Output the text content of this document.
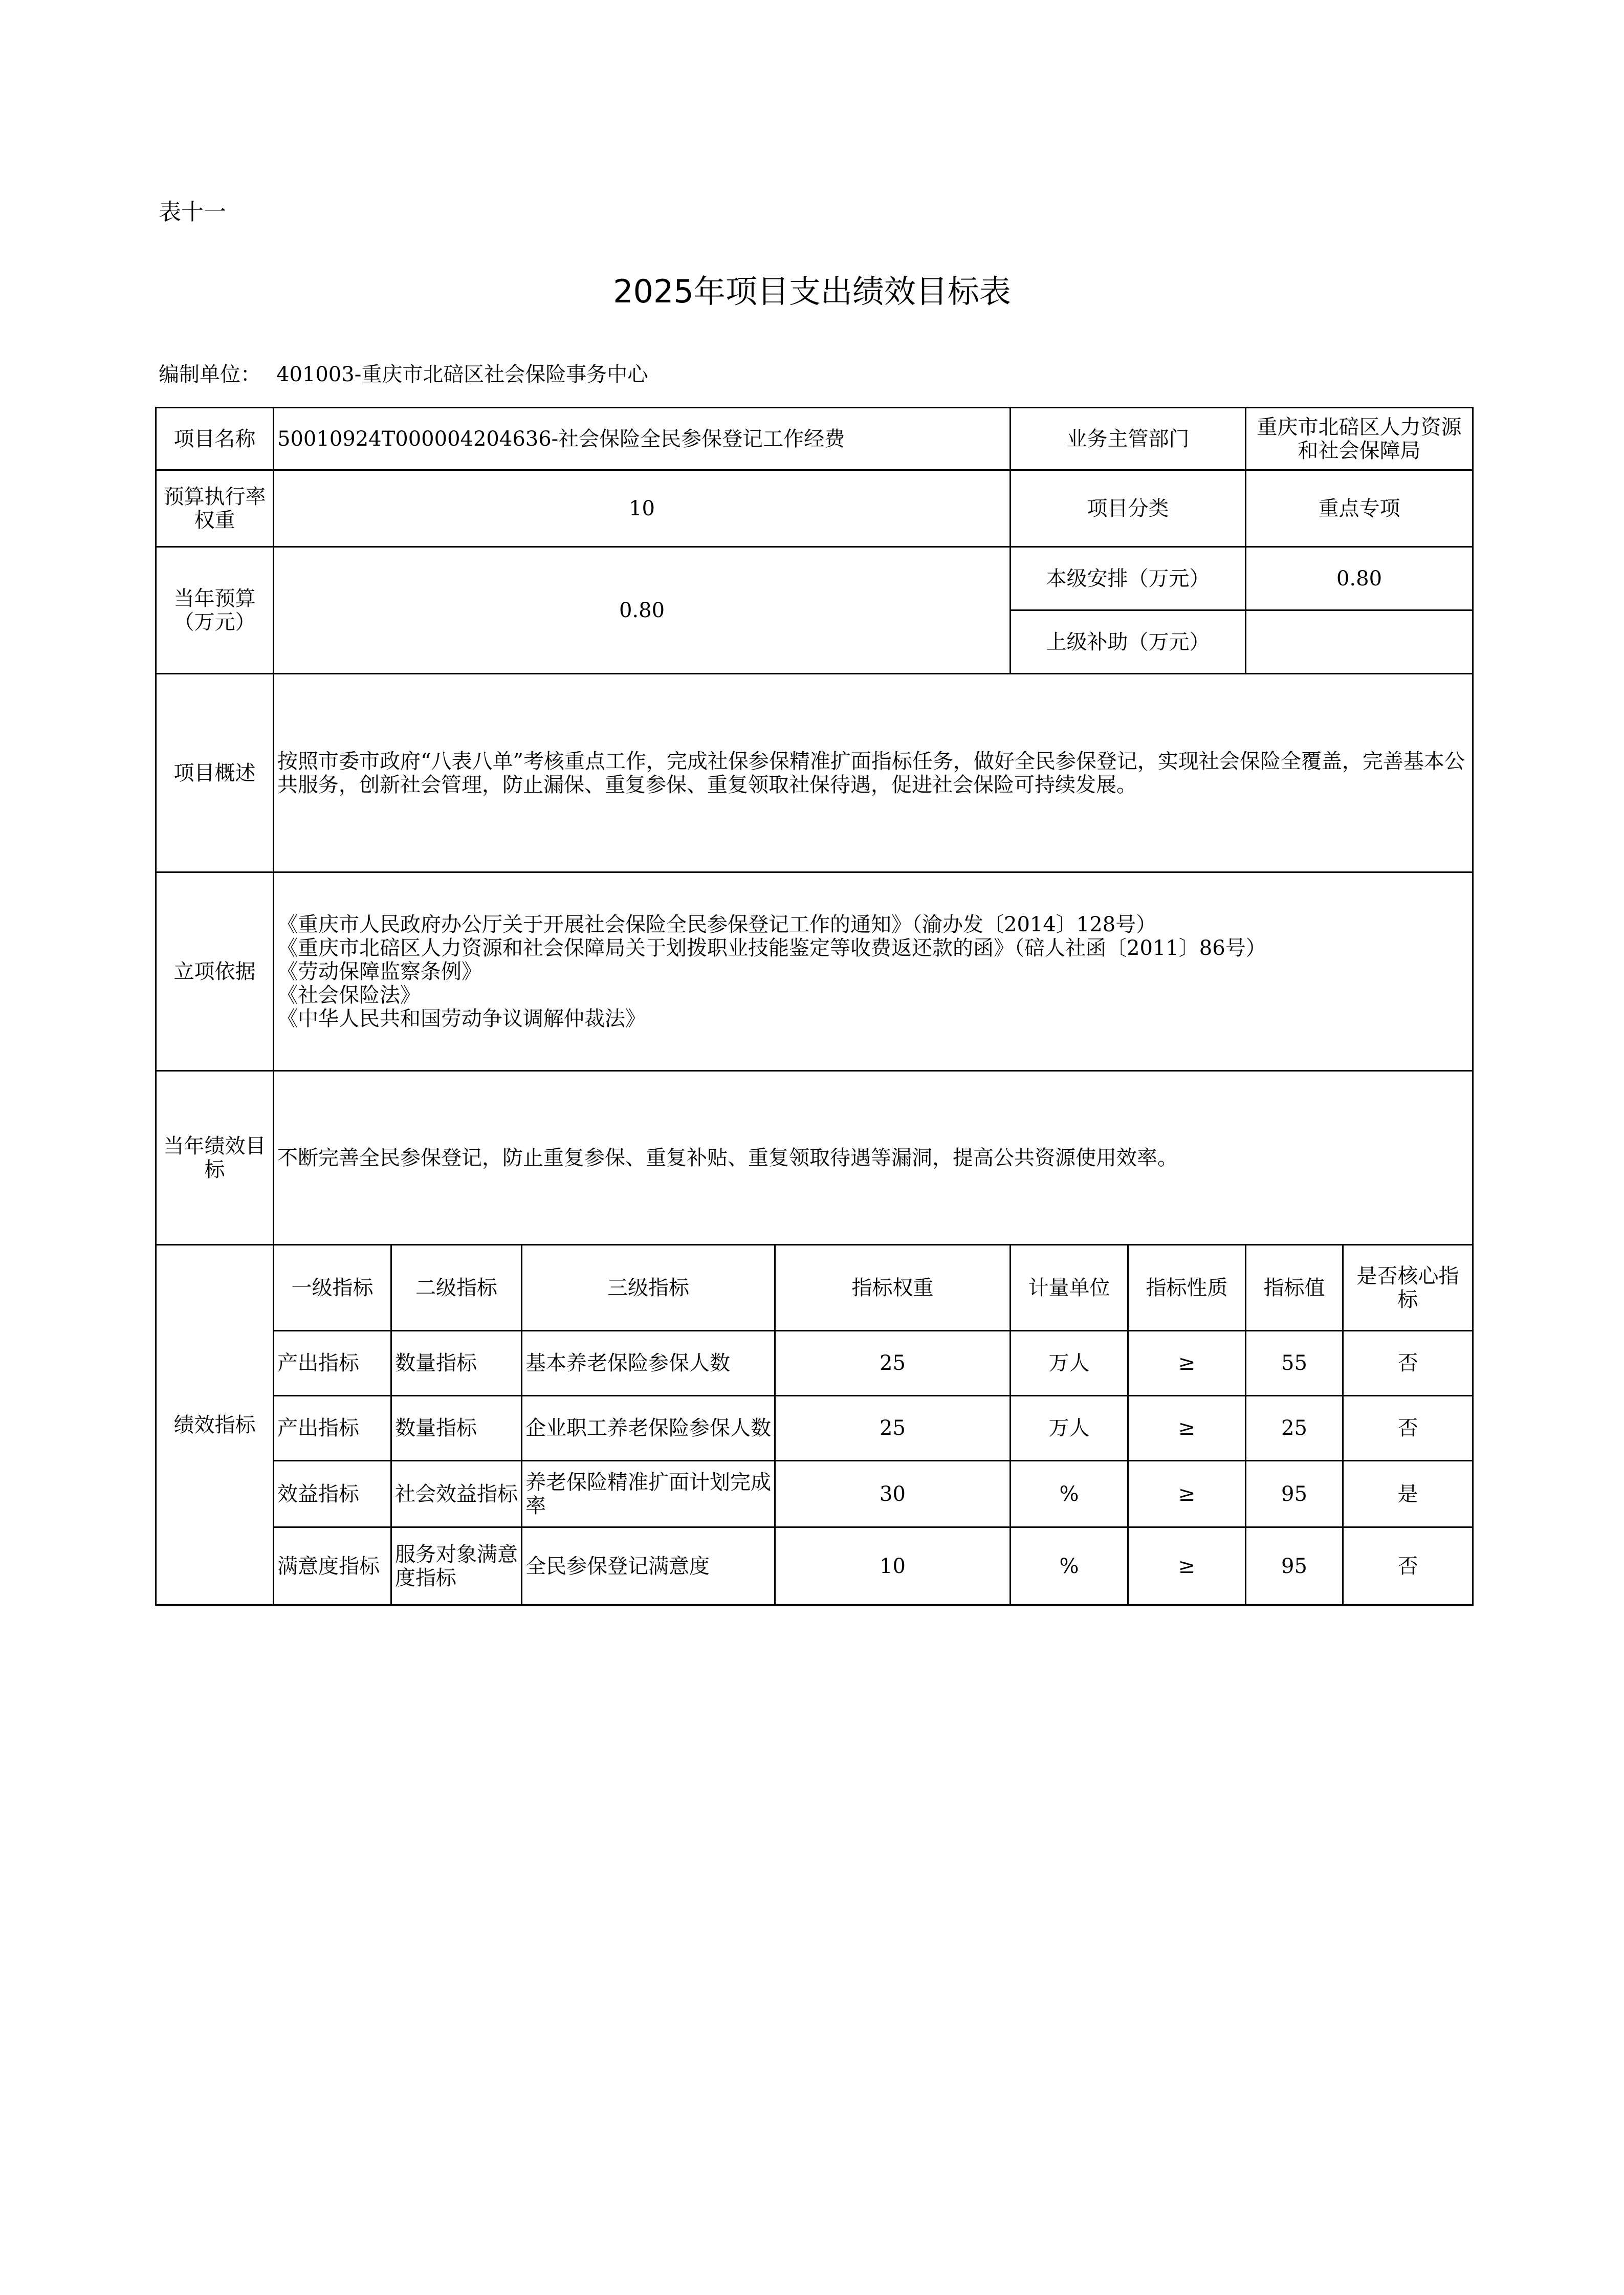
表十一
2025年项目支出绩效目标表
编制单位： 401003-重庆市北碚区社会保险事务中心
项目名称	50010924T000004204636-社会保险全民参保登记工作经费				业务主管部门		重庆市北碚区人力资源和社会保障局	
预算执行率权重	10				项目分类		重点专项	
当年预算（万元）	0.80				本级安排（万元）		0.80	
					上级补助（万元）			
项目概述	按照市委市政府“八表八单”考核重点工作，完成社保参保精准扩面指标任务，做好全民参保登记，实现社会保险全覆盖，完善基本公共服务，创新社会管理，防止漏保、重复参保、重复领取社保待遇，促进社会保险可持续发展。							
立项依据	《重庆市人民政府办公厅关于开展社会保险全民参保登记工作的通知》（渝办发〔2014〕128号）
《重庆市北碚区人力资源和社会保障局关于划拨职业技能鉴定等收费返还款的函》（碚人社函〔2011〕86号）
《劳动保障监察条例》
《社会保险法》
《中华人民共和国劳动争议调解仲裁法》							

当年绩效目标	不断完善全民参保登记，防止重复参保、重复补贴、重复领取待遇等漏洞，提高公共资源使用效率。							
绩效指标	一级指标	二级指标	三级指标	指标权重	计量单位	指标性质	指标值	是否核心指标
	产出指标	数量指标	基本养老保险参保人数	25	万人	≥	55	否
	产出指标	数量指标	企业职工养老保险参保人数	25	万人	≥	25	否
	效益指标	社会效益指标	养老保险精准扩面计划完成率	30	%	≥	95	是
	满意度指标	服务对象满意度指标	全民参保登记满意度	10	%	≥	95	否
